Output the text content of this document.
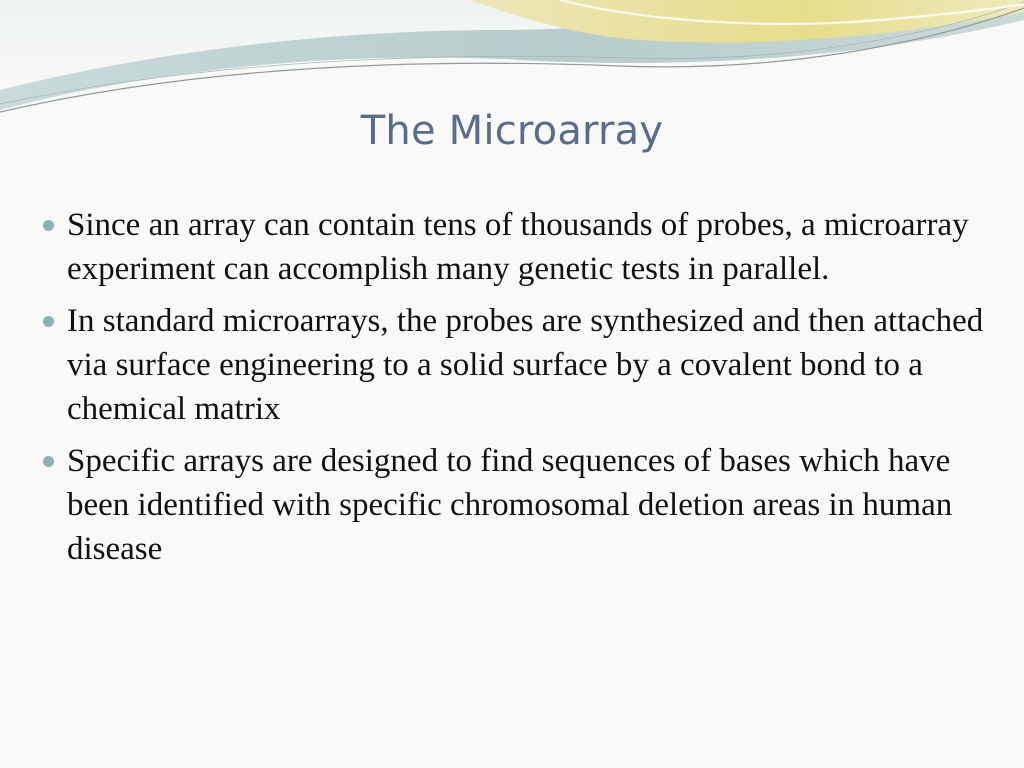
The Microarray
Since an array can contain tens of thousands of probes, a microarray experiment can accomplish many genetic tests in parallel.
In standard microarrays, the probes are synthesized and then attached via surface engineering to a solid surface by a covalent bond to a chemical matrix
Specific arrays are designed to find sequences of bases which have been identified with specific chromosomal deletion areas in human disease
